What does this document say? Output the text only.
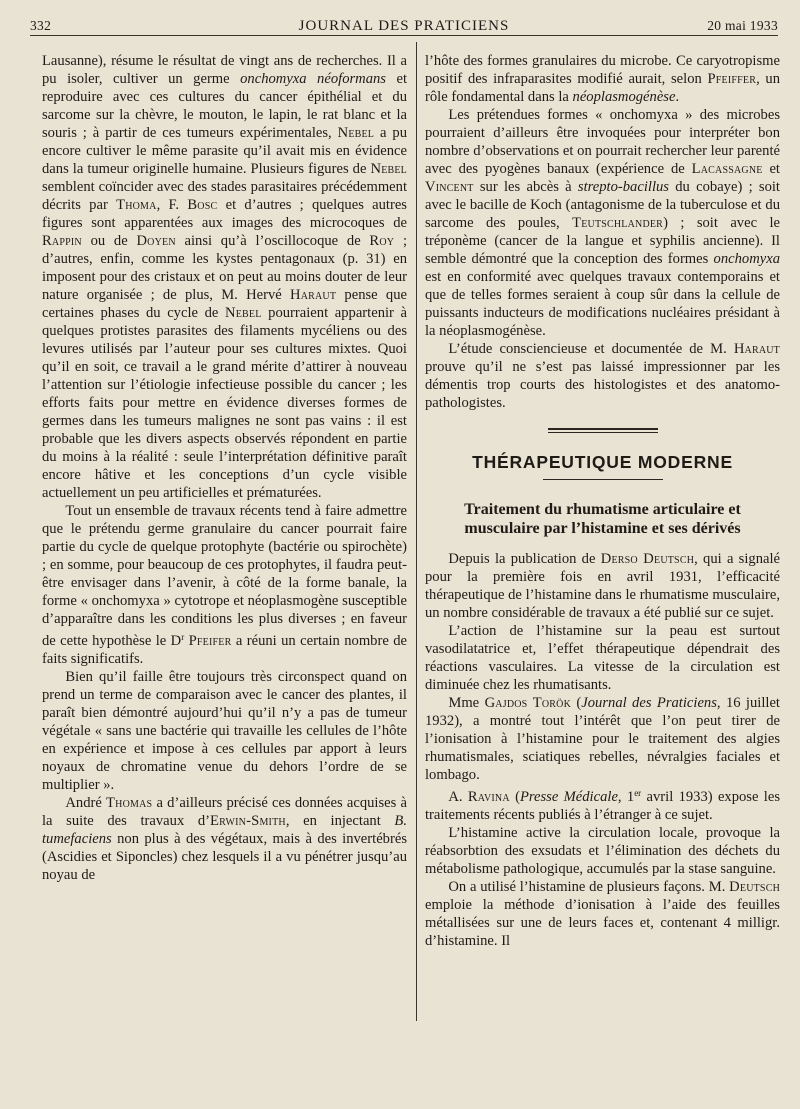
332	JOURNAL DES PRATICIENS	20 mai 1933

Lausanne), résume le résultat de vingt ans de recherches. Il a pu isoler, cultiver un germe onchomyxa néoformans et reproduire avec ces cultures du cancer épithélial et du sarcome sur la chèvre, le mouton, le lapin, le rat blanc et la souris ; à partir de ces tumeurs expérimentales, Nebel a pu encore cultiver le même parasite qu’il avait mis en évidence dans la tumeur originelle humaine. Plusieurs figures de Nebel semblent coïncider avec des stades parasitaires précédemment décrits par Thoma, F. Bosc et d’autres ; quelques autres figures sont apparentées aux images des microcoques de Rappin ou de Doyen ainsi qu’à l’oscillocoque de Roy ; d’autres, enfin, comme les kystes pentagonaux (p. 31) en imposent pour des cristaux et on peut au moins douter de leur nature organisée ; de plus, M. Hervé Haraut pense que certaines phases du cycle de Nebel pourraient appartenir à quelques protistes parasites des filaments mycéliens ou des levures utilisés par l’auteur pour ses cultures mixtes. Quoi qu’il en soit, ce travail a le grand mérite d’attirer à nouveau l’attention sur l’étiologie infectieuse possible du cancer ; les efforts faits pour mettre en évidence diverses formes de germes dans les tumeurs malignes ne sont pas vains : il est probable que les divers aspects observés répondent en partie du moins à la réalité : seule l’interprétation définitive paraît encore hâtive et les conceptions d’un cycle visible actuellement un peu artificielles et prématurées.

Tout un ensemble de travaux récents tend à faire admettre que le prétendu germe granulaire du cancer pourrait faire partie du cycle de quelque protophyte (bactérie ou spirochète) ; en somme, pour beaucoup de ces protophytes, il faudra peut-être envisager dans l’avenir, à côté de la forme banale, la forme « onchomyxa » cytotrope et néoplasmogène susceptible d’apparaître dans les conditions les plus diverses ; en faveur de cette hypothèse le $D^r$ Pfeifer a réuni un certain nombre de faits significatifs.

Bien qu’il faille être toujours très circonspect quand on prend un terme de comparaison avec le cancer des plantes, il paraît bien démontré aujourd’hui qu’il n’y a pas de tumeur végétale « sans une bactérie qui travaille les cellules de l’hôte en expérience et impose à ces cellules par apport à leurs noyaux de chromatine venue du dehors l’ordre de se multiplier ».

André Thomas a d’ailleurs précisé ces données acquises à la suite des travaux d’Erwin-Smith, en injectant B. tumefaciens non plus à des végétaux, mais à des invertébrés (Ascidies et Siponcles) chez lesquels il a vu pénétrer jusqu’au noyau de

l’hôte des formes granulaires du microbe. Ce caryotropisme positif des infraparasites modifié aurait, selon Pfeiffer, un rôle fondamental dans la néoplasmogénèse.

Les prétendues formes « onchomyxa » des microbes pourraient d’ailleurs être invoquées pour interpréter bon nombre d’observations et on pourrait rechercher leur parenté avec des pyogènes banaux (expérience de Lacassagne et Vincent sur les abcès à strepto-bacillus du cobaye) ; soit avec le bacille de Koch (antagonisme de la tuberculose et du sarcome des poules, Teutschlander) ; soit avec le tréponème (cancer de la langue et syphilis ancienne). Il semble démontré que la conception des formes onchomyxa est en conformité avec quelques travaux contemporains et que de telles formes seraient à coup sûr dans la cellule de puissants inducteurs de modifications nucléaires présidant à la néoplasmogénèse.

L’étude consciencieuse et documentée de M. Haraut prouve qu’il ne s’est pas laissé impressionner par les démentis trop courts des histologistes et des anatomo-pathologistes.

THÉRAPEUTIQUE MODERNE
Traitement du rhumatisme articulaire et musculaire par l’histamine et ses dérivés

Depuis la publication de Derso Deutsch, qui a signalé pour la première fois en avril 1931, l’efficacité thérapeutique de l’histamine dans le rhumatisme musculaire, un nombre considérable de travaux a été publié sur ce sujet.

L’action de l’histamine sur la peau est surtout vasodilatatrice et, l’effet thérapeutique dépendrait des réactions vasculaires. La vitesse de la circulation est diminuée chez les rhumatisants.

Mme Gajdos Torök (Journal des Praticiens, 16 juillet 1932), a montré tout l’intérêt que l’on peut tirer de l’ionisation à l’histamine pour le traitement des algies rhumatismales, sciatiques rebelles, névralgies faciales et lombago.

A. Ravina (Presse Médicale, 1er avril 1933) expose les traitements récents publiés à l’étranger à ce sujet.

L’histamine active la circulation locale, provoque la réabsorbtion des exsudats et l’élimination des déchets du métabolisme pathologique, accumulés par la stase sanguine.

On a utilisé l’histamine de plusieurs façons. M. Deutsch emploie la méthode d’ionisation à l’aide des feuilles métallisées sur une de leurs faces et, contenant 4 milligr. d’histamine. Il
